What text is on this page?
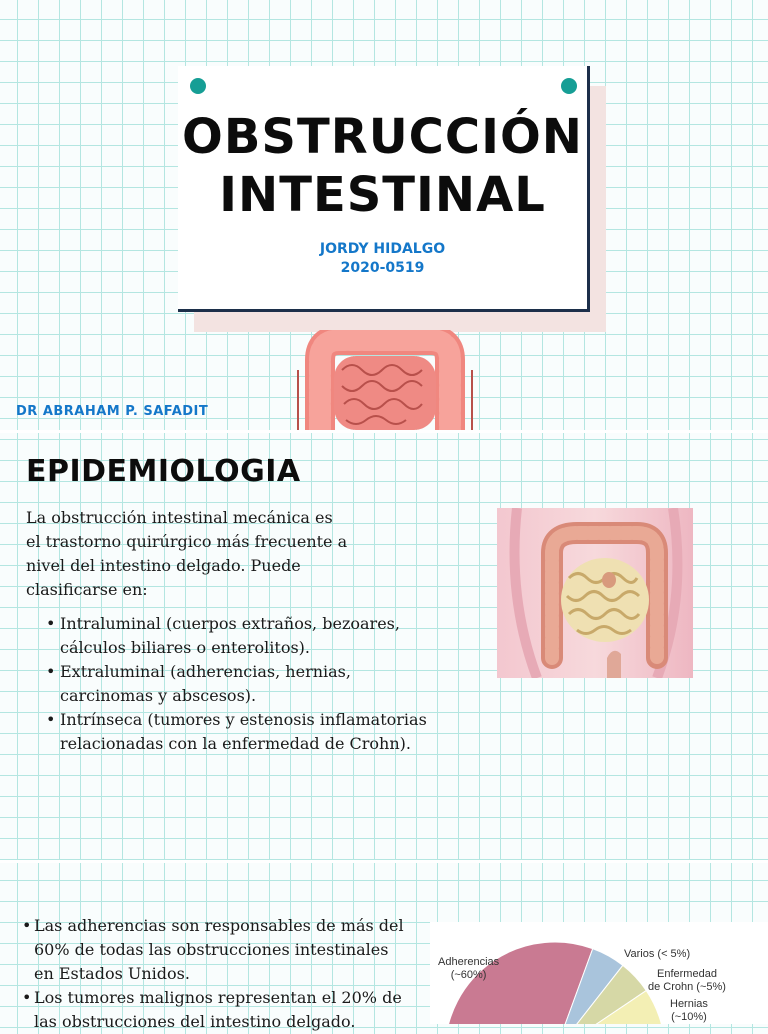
OBSTRUCCIÓN
INTESTINAL
JORDY HIDALGO
2020-0519
DR ABRAHAM P. SAFADIT
EPIDEMIOLOGIA
La obstrucción intestinal mecánica es
el trastorno quirúrgico más frecuente a
nivel del intestino delgado. Puede
clasificarse en:
• Intraluminal (cuerpos extraños, bezoares,
cálculos biliares o enterolitos).
• Extraluminal (adherencias, hernias,
carcinomas y abscesos).
• Intrínseca (tumores y estenosis inflamatorias
relacionadas con la enfermedad de Crohn).
• Las adherencias son responsables de más del
60% de todas las obstrucciones intestinales
en Estados Unidos.
• Los tumores malignos representan el 20% de
las obstrucciones del intestino delgado.
Adherencias
(~60%)
Varios (< 5%)
Enfermedad
de Crohn (~5%)
Hernias
(~10%)
